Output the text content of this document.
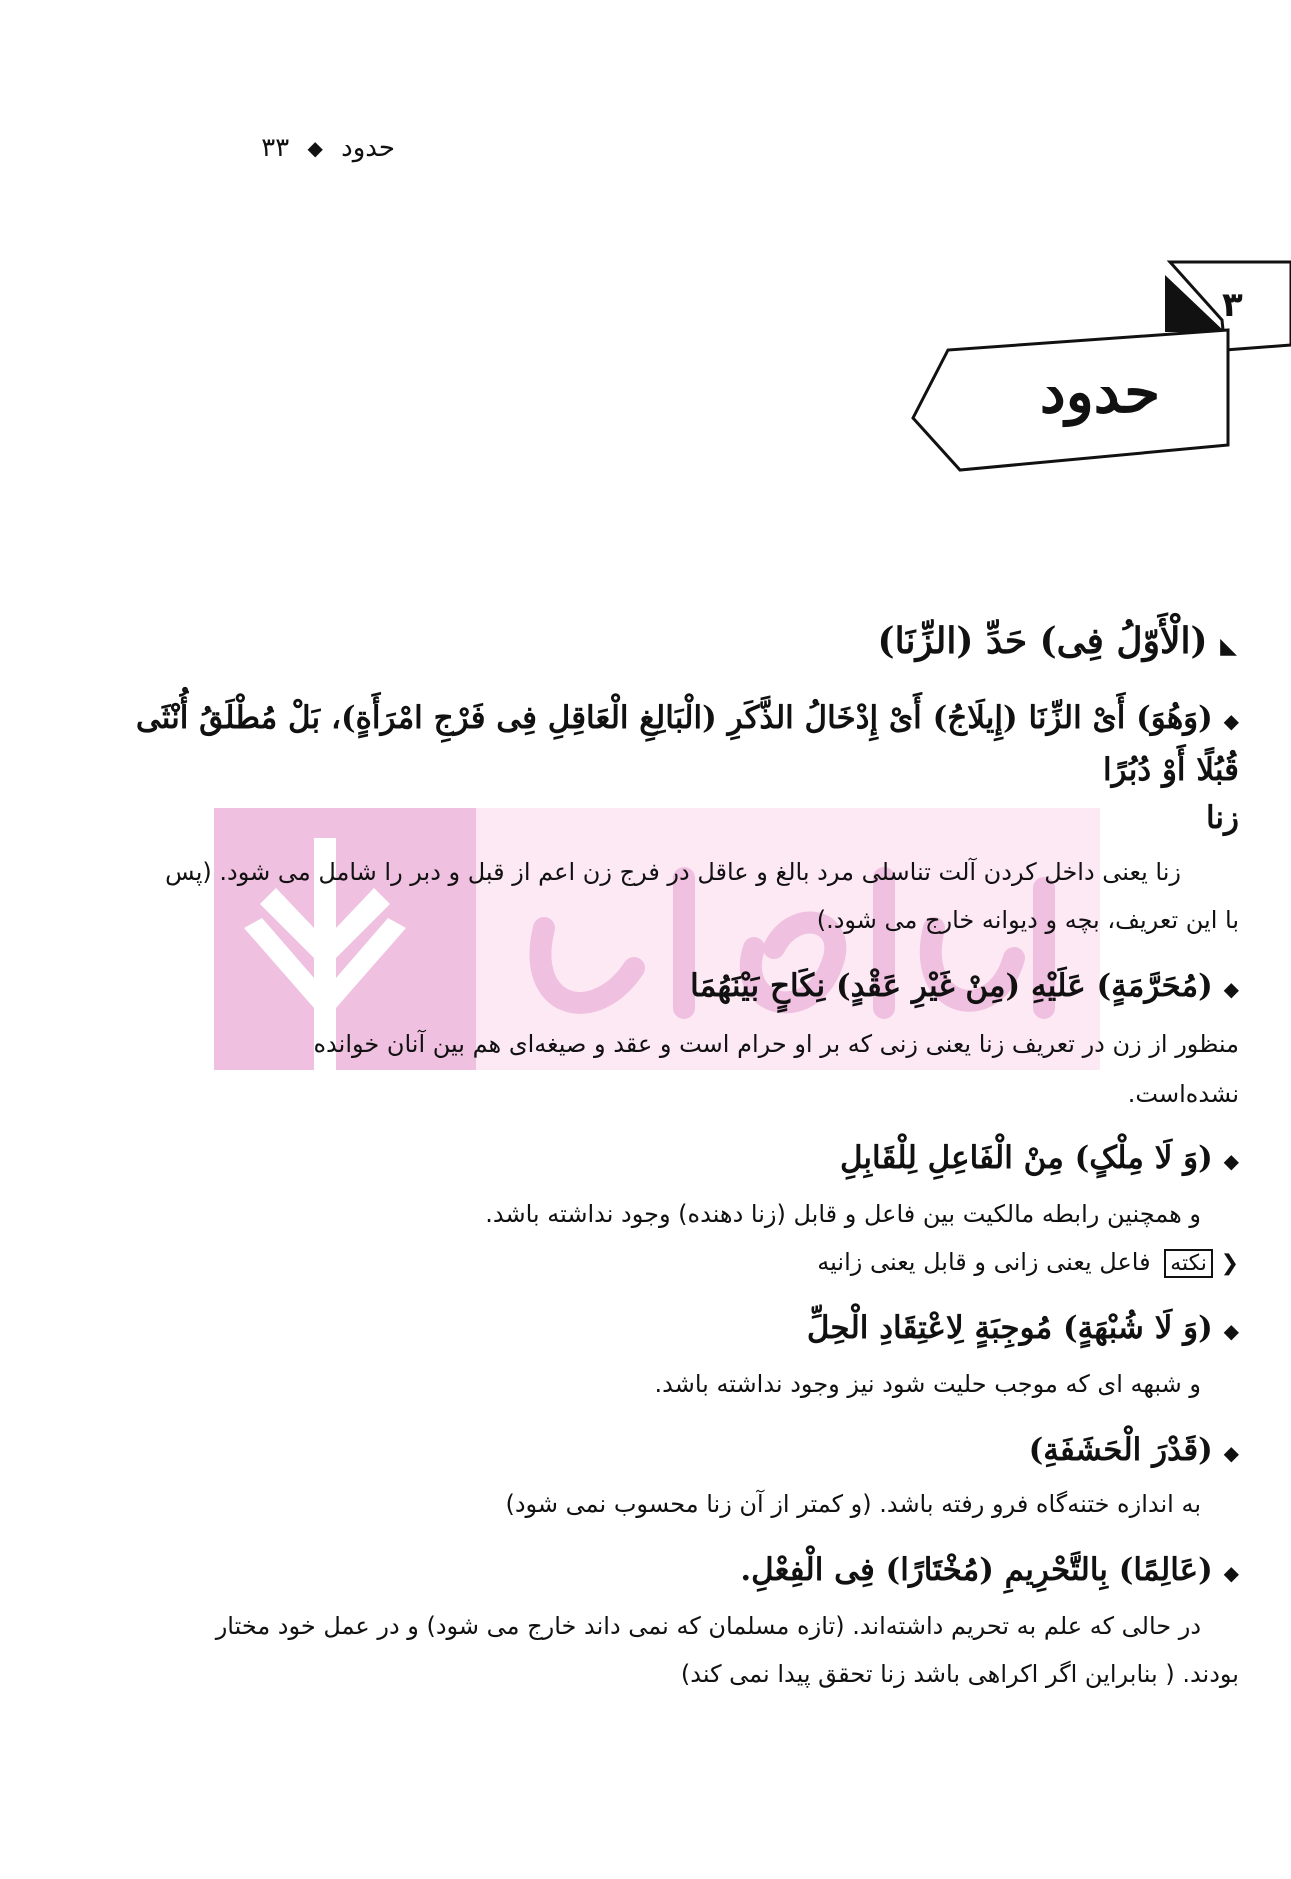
حدود ◆ ۳۳
۳
حدود
◣ (الْأَوّلُ فِی) حَدِّ (الزِّنَا)
◆ (وَهُوَ) أَیْ الزِّنَا (إِیلَاجُ) أَیْ إِدْخَالُ الذَّکَرِ (الْبَالِغِ الْعَاقِلِ فِی فَرْجِ امْرَأَةٍ)، بَلْ مُطْلَقُ أُنْثَی
قُبُلًا أَوْ دُبُرًا
زنا
زنا یعنی داخل کردن آلت تناسلی مرد بالغ و عاقل در فرج زن اعم از قبل و دبر را شامل می شود. (پس
با این تعریف، بچه و دیوانه خارج می شود.)
◆ (مُحَرَّمَةٍ) عَلَیْهِ (مِنْ غَیْرِ عَقْدٍ) نِکَاحٍ بَیْنَهُمَا
منظور از زن در تعریف زنا یعنی زنی که بر او حرام است و عقد و صیغه‌ای هم بین آنان خوانده
نشده‌است.
◆ (وَ لَا مِلْکٍ) مِنْ الْفَاعِلِ لِلْقَابِلِ
و همچنین رابطه مالکیت بین فاعل و قابل (زنا دهنده) وجود نداشته باشد.
❮ نکته فاعل یعنی زانی و قابل یعنی زانیه
◆ (وَ لَا شُبْهَةٍ) مُوجِبَةٍ لِاعْتِقَادِ الْحِلِّ
و شبهه ای که موجب حلیت شود نیز وجود نداشته باشد.
◆ (قَدْرَ الْحَشَفَةِ)
به اندازه ختنه‌گاه فرو رفته باشد. (و کمتر از آن زنا محسوب نمی شود)
◆ (عَالِمًا) بِالتَّحْرِیمِ (مُخْتَارًا) فِی الْفِعْلِ.
در حالی که علم به تحریم داشته‌اند. (تازه مسلمان که نمی داند خارج می شود) و در عمل خود مختار
بودند. ( بنابراین اگر اکراهی باشد زنا تحقق پیدا نمی کند)
